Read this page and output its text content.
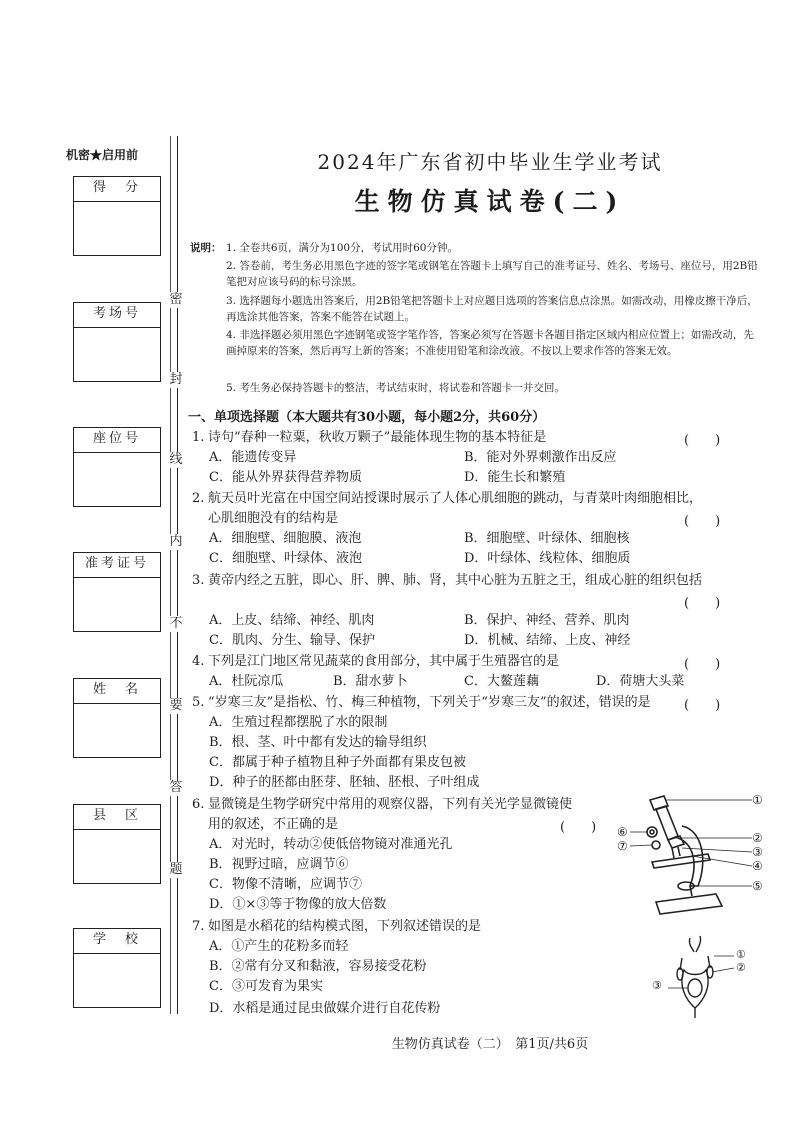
机密★启用前
得　分
考场号
座位号
准考证号
姓　名
县　区
学　校
密
封
线
内
不
要
答
题
2024年广东省初中毕业生学业考试
生物仿真试卷(二)
说明： 1. 全卷共6页，满分为100分，考试用时60分钟。
2. 答卷前，考生务必用黑色字迹的签字笔或钢笔在答题卡上填写自己的准考证号、姓名、考场号、座位号，用2B铅笔把对应该号码的标号涂黑。
3. 选择题每小题选出答案后，用2B铅笔把答题卡上对应题目选项的答案信息点涂黑。如需改动，用橡皮擦干净后，再选涂其他答案，答案不能答在试题上。
4. 非选择题必须用黑色字迹钢笔或签字笔作答，答案必须写在答题卡各题目指定区域内相应位置上；如需改动，先画掉原来的答案，然后再写上新的答案；不准使用铅笔和涂改液。不按以上要求作答的答案无效。
5. 考生务必保持答题卡的整洁，考试结束时，将试卷和答题卡一并交回。
一、单项选择题（本大题共有30小题，每小题2分，共60分）
1. 诗句“春种一粒粟，秋收万颗子”最能体现生物的基本特征是	(　　)
A．能遗传变异	B．能对外界刺激作出反应
C．能从外界获得营养物质	D．能生长和繁殖
2. 航天员叶光富在中国空间站授课时展示了人体心肌细胞的跳动，与青菜叶肉细胞相比，
心肌细胞没有的结构是	(　　)
A．细胞壁、细胞膜、液泡	B．细胞壁、叶绿体、细胞核
C．细胞壁、叶绿体、液泡	D．叶绿体、线粒体、细胞质
3. 黄帝内经之五脏，即心、肝、脾、肺、肾，其中心脏为五脏之王，组成心脏的组织包括
(　　)
A．上皮、结缔、神经、肌肉	B．保护、神经、营养、肌肉
C．肌肉、分生、输导、保护	D．机械、结缔、上皮、神经
4. 下列是江门地区常见蔬菜的食用部分，其中属于生殖器官的是	(　　)
A．杜阮凉瓜	B．甜水萝卜	C．大鳌莲藕	D．荷塘大头菜
5. “岁寒三友”是指松、竹、梅三种植物，下列关于“岁寒三友”的叙述，错误的是	(　　)
A．生殖过程都摆脱了水的限制
B．根、茎、叶中都有发达的输导组织
C．都属于种子植物且种子外面都有果皮包被
D．种子的胚都由胚芽、胚轴、胚根、子叶组成
6. 显微镜是生物学研究中常用的观察仪器，下列有关光学显微镜使
用的叙述，不正确的是	(　　)
A．对光时，转动②使低倍物镜对准通光孔
B．视野过暗，应调节⑥
C．物像不清晰，应调节⑦
D．①×③等于物像的放大倍数
①
②
③
④
⑤
⑥
⑦
7. 如图是水稻花的结构模式图，下列叙述错误的是
A．①产生的花粉多而轻
B．②常有分叉和黏液，容易接受花粉
C．③可发育为果实
D．水稻是通过昆虫做媒介进行自花传粉
①
②
③
生物仿真试卷（二）　第1页/共6页
